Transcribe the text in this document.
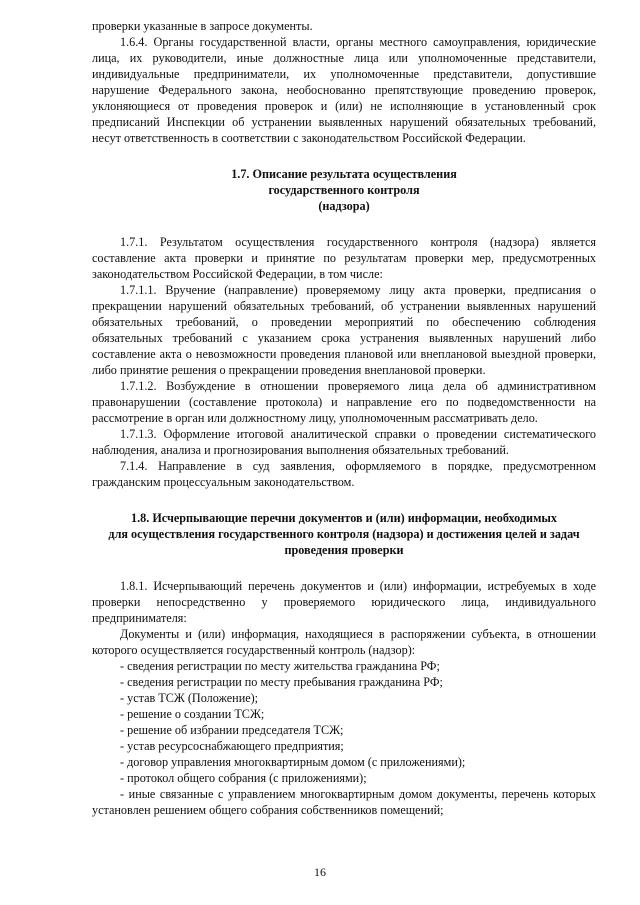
проверки указанные в запросе документы.

1.6.4. Органы государственной власти, органы местного самоуправления, юридические лица, их руководители, иные должностные лица или уполномоченные представители, индивидуальные предприниматели, их уполномоченные представители, допустившие нарушение Федерального закона, необоснованно препятствующие проведению проверок, уклоняющиеся от проведения проверок и (или) не исполняющие в установленный срок предписаний Инспекции об устранении выявленных нарушений обязательных требований, несут ответственность в соответствии с законодательством Российской Федерации.

1.7. Описание результата осуществления
государственного контроля
(надзора)

1.7.1. Результатом осуществления государственного контроля (надзора) является составление акта проверки и принятие по результатам проверки мер, предусмотренных законодательством Российской Федерации, в том числе:

1.7.1.1. Вручение (направление) проверяемому лицу акта проверки, предписания о прекращении нарушений обязательных требований, об устранении выявленных нарушений обязательных требований, о проведении мероприятий по обеспечению соблюдения обязательных требований с указанием срока устранения выявленных нарушений либо составление акта о невозможности проведения плановой или внеплановой выездной проверки, либо принятие решения о прекращении проведения внеплановой проверки.

1.7.1.2. Возбуждение в отношении проверяемого лица дела об административном правонарушении (составление протокола) и направление его по подведомственности на рассмотрение в орган или должностному лицу, уполномоченным рассматривать дело.

1.7.1.3. Оформление итоговой аналитической справки о проведении систематического наблюдения, анализа и прогнозирования выполнения обязательных требований.

7.1.4. Направление в суд заявления, оформляемого в порядке, предусмотренном гражданским процессуальным законодательством.

1.8. Исчерпывающие перечни документов и (или) информации, необходимых
для осуществления государственного контроля (надзора) и достижения целей и задач
проведения проверки

1.8.1. Исчерпывающий перечень документов и (или) информации, истребуемых в ходе проверки непосредственно у проверяемого юридического лица, индивидуального предпринимателя:

Документы и (или) информация, находящиеся в распоряжении субъекта, в отношении которого осуществляется государственный контроль (надзор):

- сведения регистрации по месту жительства гражданина РФ;

- сведения регистрации по месту пребывания гражданина РФ;

- устав ТСЖ (Положение);

- решение о создании ТСЖ;

- решение об избрании председателя ТСЖ;

- устав ресурсоснабжающего предприятия;

- договор управления многоквартирным домом (с приложениями);

- протокол общего собрания (с приложениями);

- иные связанные с управлением многоквартирным домом документы, перечень которых установлен решением общего собрания собственников помещений;

16
